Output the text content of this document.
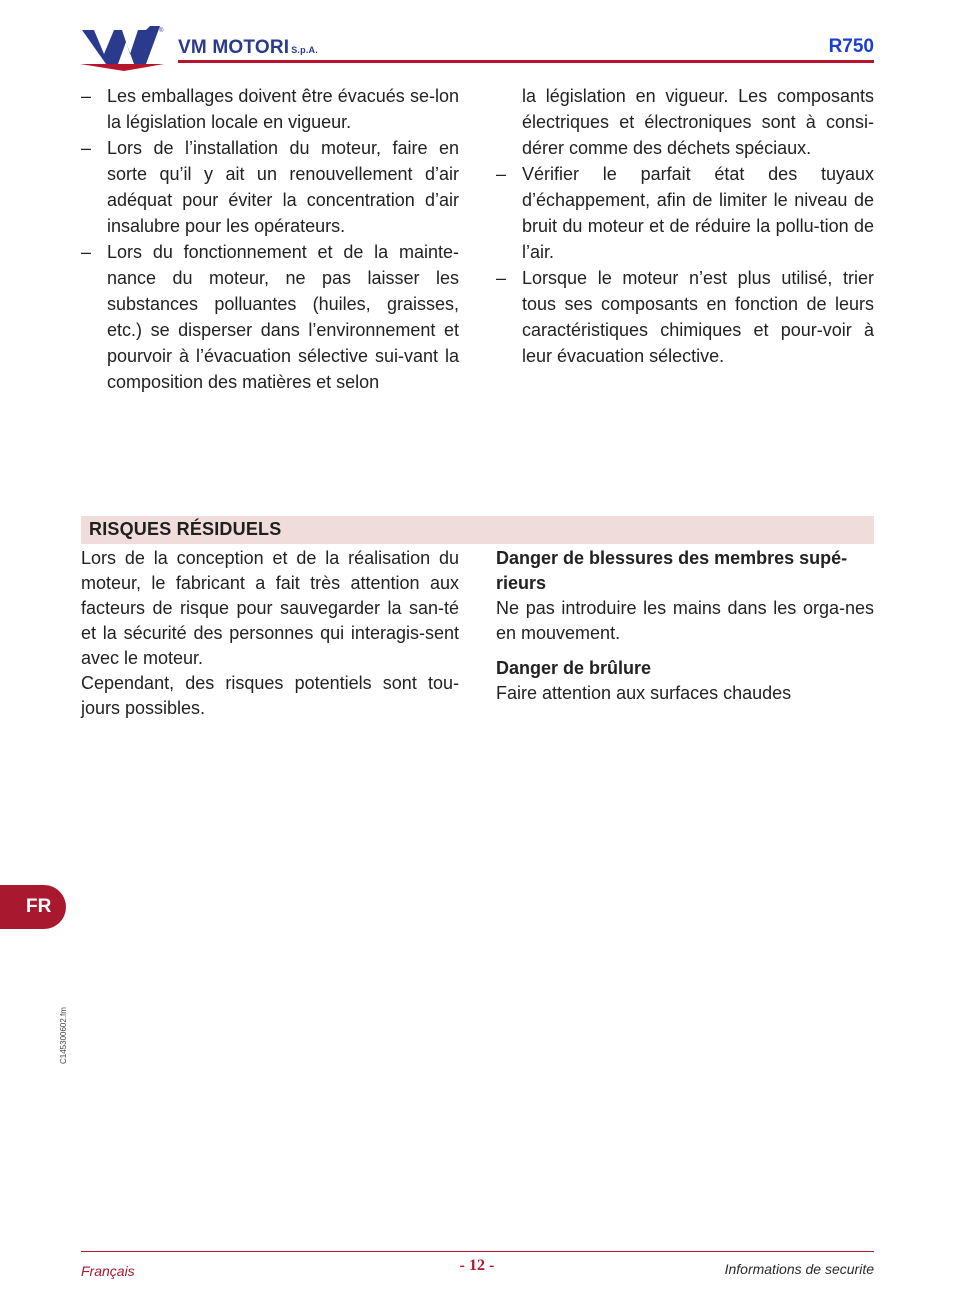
®
VM MOTORI S.p.A.	R750
– Les emballages doivent être évacués se-lon la législation locale en vigueur.
– Lors de l’installation du moteur, faire en sorte qu’il y ait un renouvellement d’air adéquat pour éviter la concentration d’air insalubre pour les opérateurs.
– Lors du fonctionnement et de la mainte-nance du moteur, ne pas laisser les substances polluantes (huiles, graisses, etc.) se disperser dans l’environnement et pourvoir à l’évacuation sélective sui-vant la composition des matières et selon
la législation en vigueur. Les composants électriques et électroniques sont à consi-dérer comme des déchets spéciaux.
– Vérifier le parfait état des tuyaux d’échappement, afin de limiter le niveau de bruit du moteur et de réduire la pollu-tion de l’air.
– Lorsque le moteur n’est plus utilisé, trier tous ses composants en fonction de leurs caractéristiques chimiques et pour-voir à leur évacuation sélective.
RISQUES RÉSIDUELS

Lors de la conception et de la réalisation du moteur, le fabricant a fait très attention aux facteurs de risque pour sauvegarder la san-té et la sécurité des personnes qui interagis-sent avec le moteur.

Cependant, des risques potentiels sont tou-jours possibles.

Danger de blessures des membres supé-rieurs

Ne pas introduire les mains dans les orga-nes en mouvement.

Danger de brûlure

Faire attention aux surfaces chaudes

FR
C145300602.fm
Français	- 12 -	Informations de securite
